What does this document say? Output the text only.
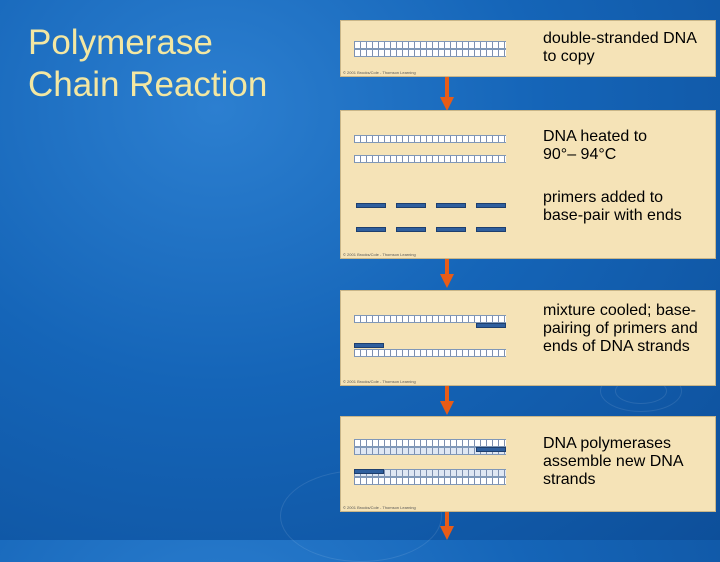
Polymerase
Chain Reaction	© 2001 Brooks/Cole - Thomson Learning

double-stranded DNA to copy

© 2001 Brooks/Cole - Thomson Learning

DNA heated to 90°– 94°C

primers added to base-pair with ends

© 2001 Brooks/Cole - Thomson Learning

mixture cooled; base-pairing of primers and ends of DNA strands

© 2001 Brooks/Cole - Thomson Learning

DNA polymerases assemble new DNA strands
